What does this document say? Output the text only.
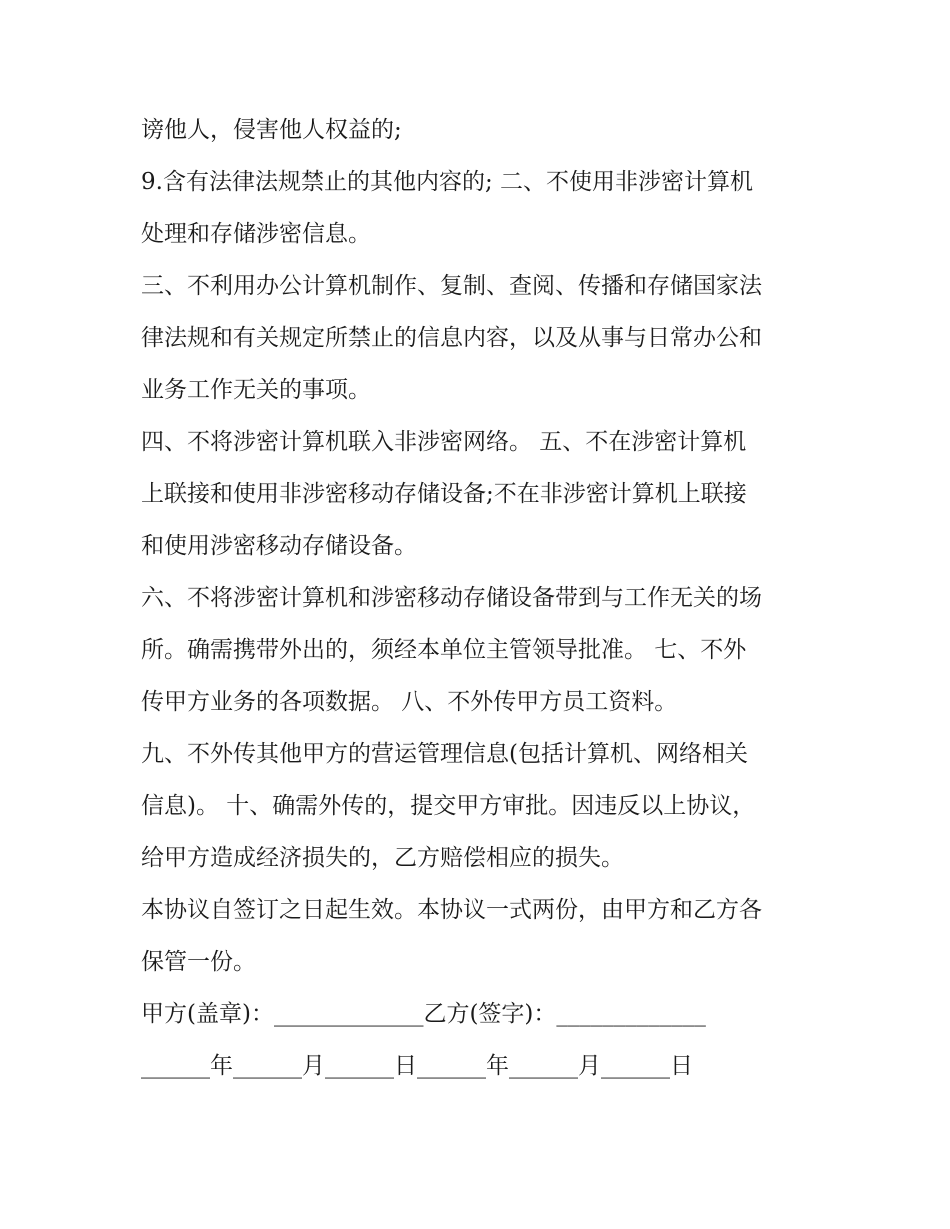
谤他人，侵害他人权益的;
9.含有法律法规禁止的其他内容的; 二、不使用非涉密计算机
处理和存储涉密信息。
三、不利用办公计算机制作、复制、查阅、传播和存储国家法
律法规和有关规定所禁止的信息内容，以及从事与日常办公和
业务工作无关的事项。
四、不将涉密计算机联入非涉密网络。 五、不在涉密计算机
上联接和使用非涉密移动存储设备;不在非涉密计算机上联接
和使用涉密移动存储设备。
六、不将涉密计算机和涉密移动存储设备带到与工作无关的场
所。确需携带外出的，须经本单位主管领导批准。 七、不外
传甲方业务的各项数据。 八、不外传甲方员工资料。
九、不外传其他甲方的营运管理信息(包括计算机、网络相关
信息)。 十、确需外传的，提交甲方审批。因违反以上协议，
给甲方造成经济损失的，乙方赔偿相应的损失。
本协议自签订之日起生效。本协议一式两份，由甲方和乙方各
保管一份。
甲方(盖章)：_____________乙方(签字)：_____________
______年______月______日______年______月______日
